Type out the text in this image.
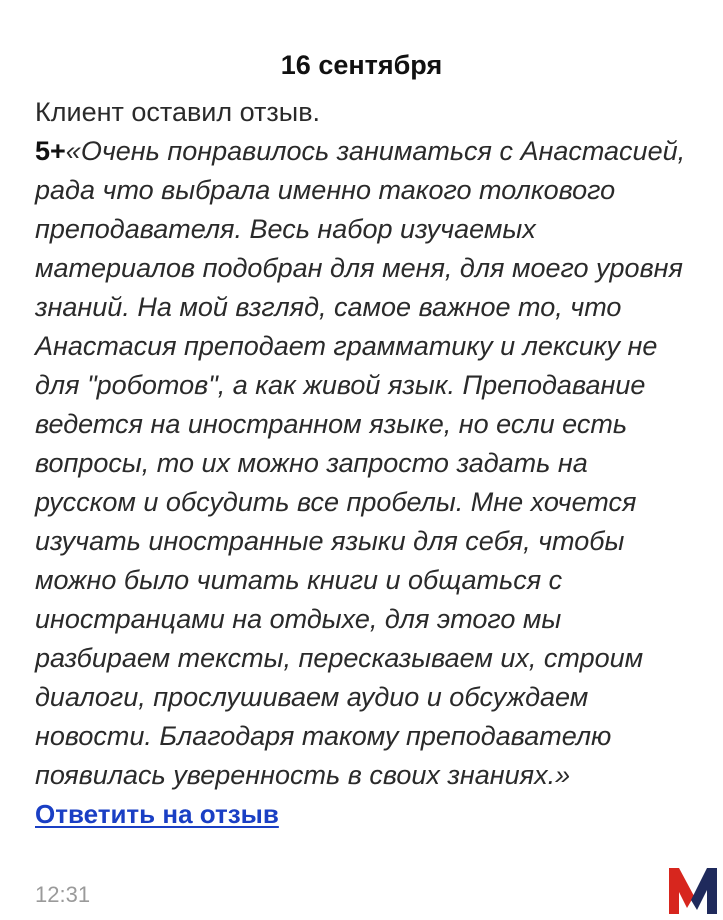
16 сентября
Клиент оставил отзыв.

5+«Очень понравилось заниматься с Анастасией, рада что выбрала именно такого толкового преподавателя. Весь набор изучаемых материалов подобран для меня, для моего уровня знаний. На мой взгляд, самое важное то, что Анастасия преподает грамматику и лексику не для "роботов", а как живой язык. Преподавание ведется на иностранном языке, но если есть вопросы, то их можно запросто задать на русском и обсудить все пробелы. Мне хочется изучать иностранные языки для себя, чтобы можно было читать книги и общаться с иностранцами на отдыхе, для этого мы разбираем тексты, пересказываем их, строим диалоги, прослушиваем аудио и обсуждаем новости. Благодаря такому преподавателю появилась уверенность в своих знаниях.»

Ответить на отзыв
12:31
